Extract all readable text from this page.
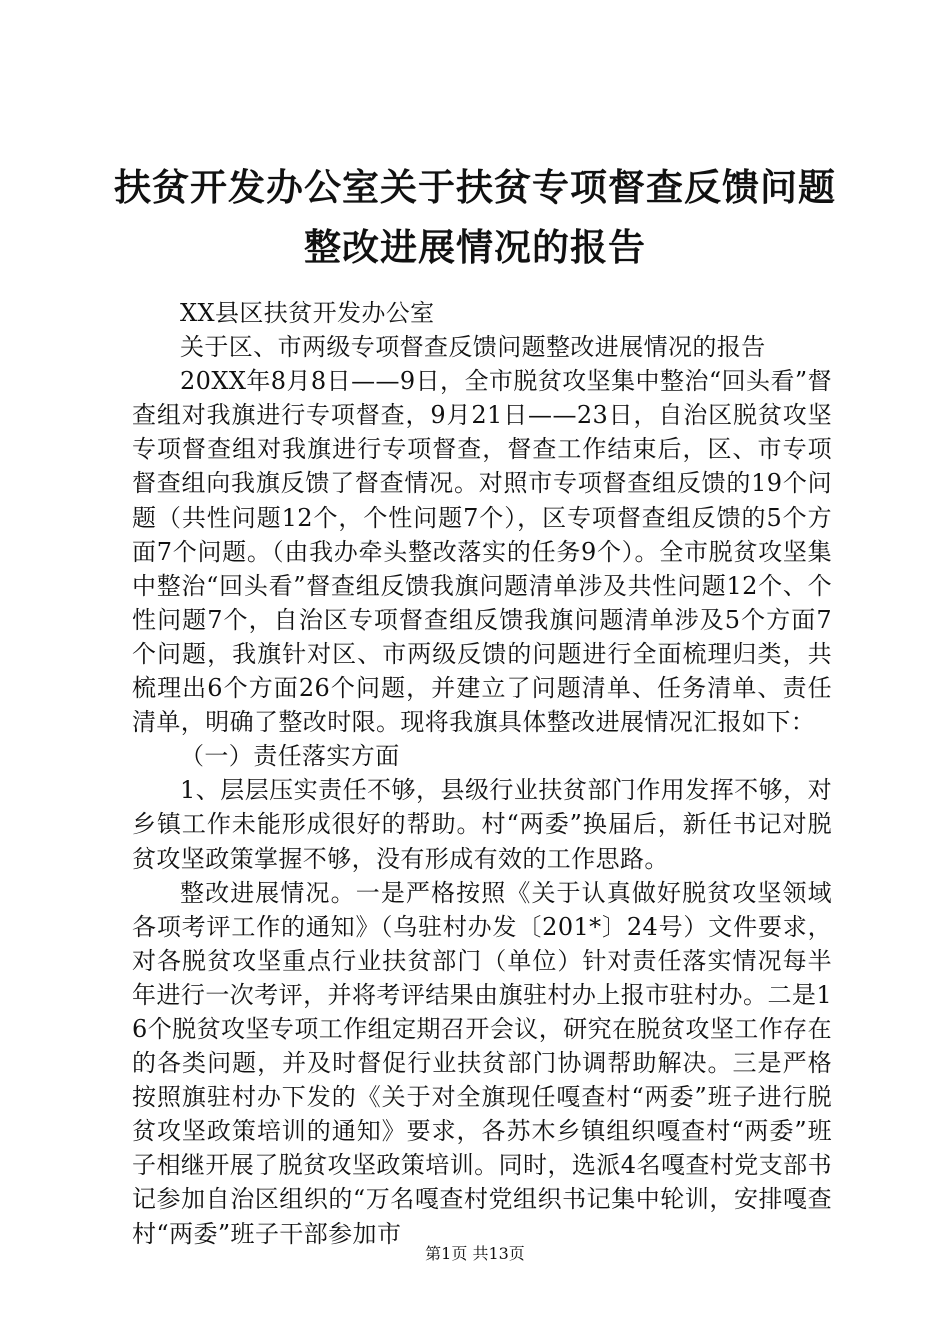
扶贫开发办公室关于扶贫专项督查反馈问题整改进展情况的报告

XX县区扶贫开发办公室

关于区、市两级专项督查反馈问题整改进展情况的报告

20XX年8月8日——9日，全市脱贫攻坚集中整治“回头看”督查组对我旗进行专项督查，9月21日——23日，自治区脱贫攻坚专项督查组对我旗进行专项督查，督查工作结束后，区、市专项督查组向我旗反馈了督查情况。对照市专项督查组反馈的19个问题（共性问题12个，个性问题7个），区专项督查组反馈的5个方面7个问题。（由我办牵头整改落实的任务9个）。全市脱贫攻坚集中整治“回头看”督查组反馈我旗问题清单涉及共性问题12个、个性问题7个，自治区专项督查组反馈我旗问题清单涉及5个方面7个问题，我旗针对区、市两级反馈的问题进行全面梳理归类，共梳理出6个方面26个问题，并建立了问题清单、任务清单、责任清单，明确了整改时限。现将我旗具体整改进展情况汇报如下：

（一）责任落实方面

1、层层压实责任不够，县级行业扶贫部门作用发挥不够，对乡镇工作未能形成很好的帮助。村“两委”换届后，新任书记对脱贫攻坚政策掌握不够，没有形成有效的工作思路。

整改进展情况。一是严格按照《关于认真做好脱贫攻坚领域各项考评工作的通知》（乌驻村办发〔201*〕24号）文件要求，对各脱贫攻坚重点行业扶贫部门（单位）针对责任落实情况每半年进行一次考评，并将考评结果由旗驻村办上报市驻村办。二是16个脱贫攻坚专项工作组定期召开会议，研究在脱贫攻坚工作存在的各类问题，并及时督促行业扶贫部门协调帮助解决。三是严格按照旗驻村办下发的《关于对全旗现任嘎查村“两委”班子进行脱贫攻坚政策培训的通知》要求，各苏木乡镇组织嘎查村“两委”班子相继开展了脱贫攻坚政策培训。同时，选派4名嘎查村党支部书记参加自治区组织的“万名嘎查村党组织书记集中轮训，安排嘎查村“两委”班子干部参加市

第1页 共13页
